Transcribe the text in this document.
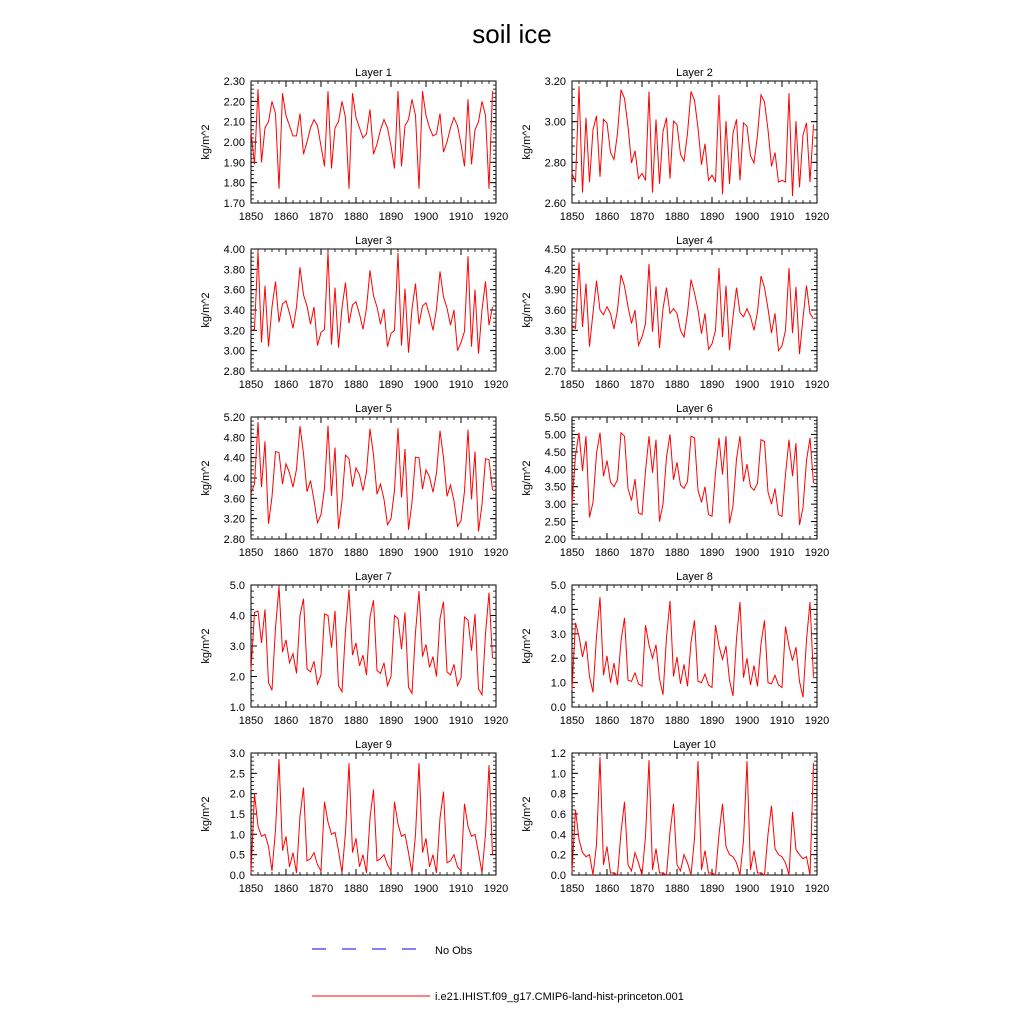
soil ice
1850 1860 1870 1880 1890 1900 1910 1920
1.70
1.80
1.90
2.00
2.10
2.20
2.30
Layer 1
kg/m^2
1850 1860 1870 1880 1890 1900 1910 1920
2.60
2.80
3.00
3.20
Layer 2
kg/m^2
1850 1860 1870 1880 1890 1900 1910 1920
2.80
3.00
3.20
3.40
3.60
3.80
4.00
Layer 3
kg/m^2
1850 1860 1870 1880 1890 1900 1910 1920
2.70
3.00
3.30
3.60
3.90
4.20
4.50
Layer 4
kg/m^2
1850 1860 1870 1880 1890 1900 1910 1920
2.80
3.20
3.60
4.00
4.40
4.80
5.20
Layer 5
kg/m^2
1850 1860 1870 1880 1890 1900 1910 1920
2.00
2.50
3.00
3.50
4.00
4.50
5.00
5.50
Layer 6
kg/m^2
1850 1860 1870 1880 1890 1900 1910 1920
1.0
2.0
3.0
4.0
5.0
Layer 7
kg/m^2
1850 1860 1870 1880 1890 1900 1910 1920
0.0
1.0
2.0
3.0
4.0
5.0
Layer 8
kg/m^2
1850 1860 1870 1880 1890 1900 1910 1920
0.0
0.5
1.0
1.5
2.0
2.5
3.0
Layer 9
kg/m^2
1850 1860 1870 1880 1890 1900 1910 1920
0.0
0.2
0.4
0.6
0.8
1.0
1.2
Layer 10
kg/m^2
No Obs
i.e21.IHIST.f09_g17.CMIP6-land-hist-princeton.001
